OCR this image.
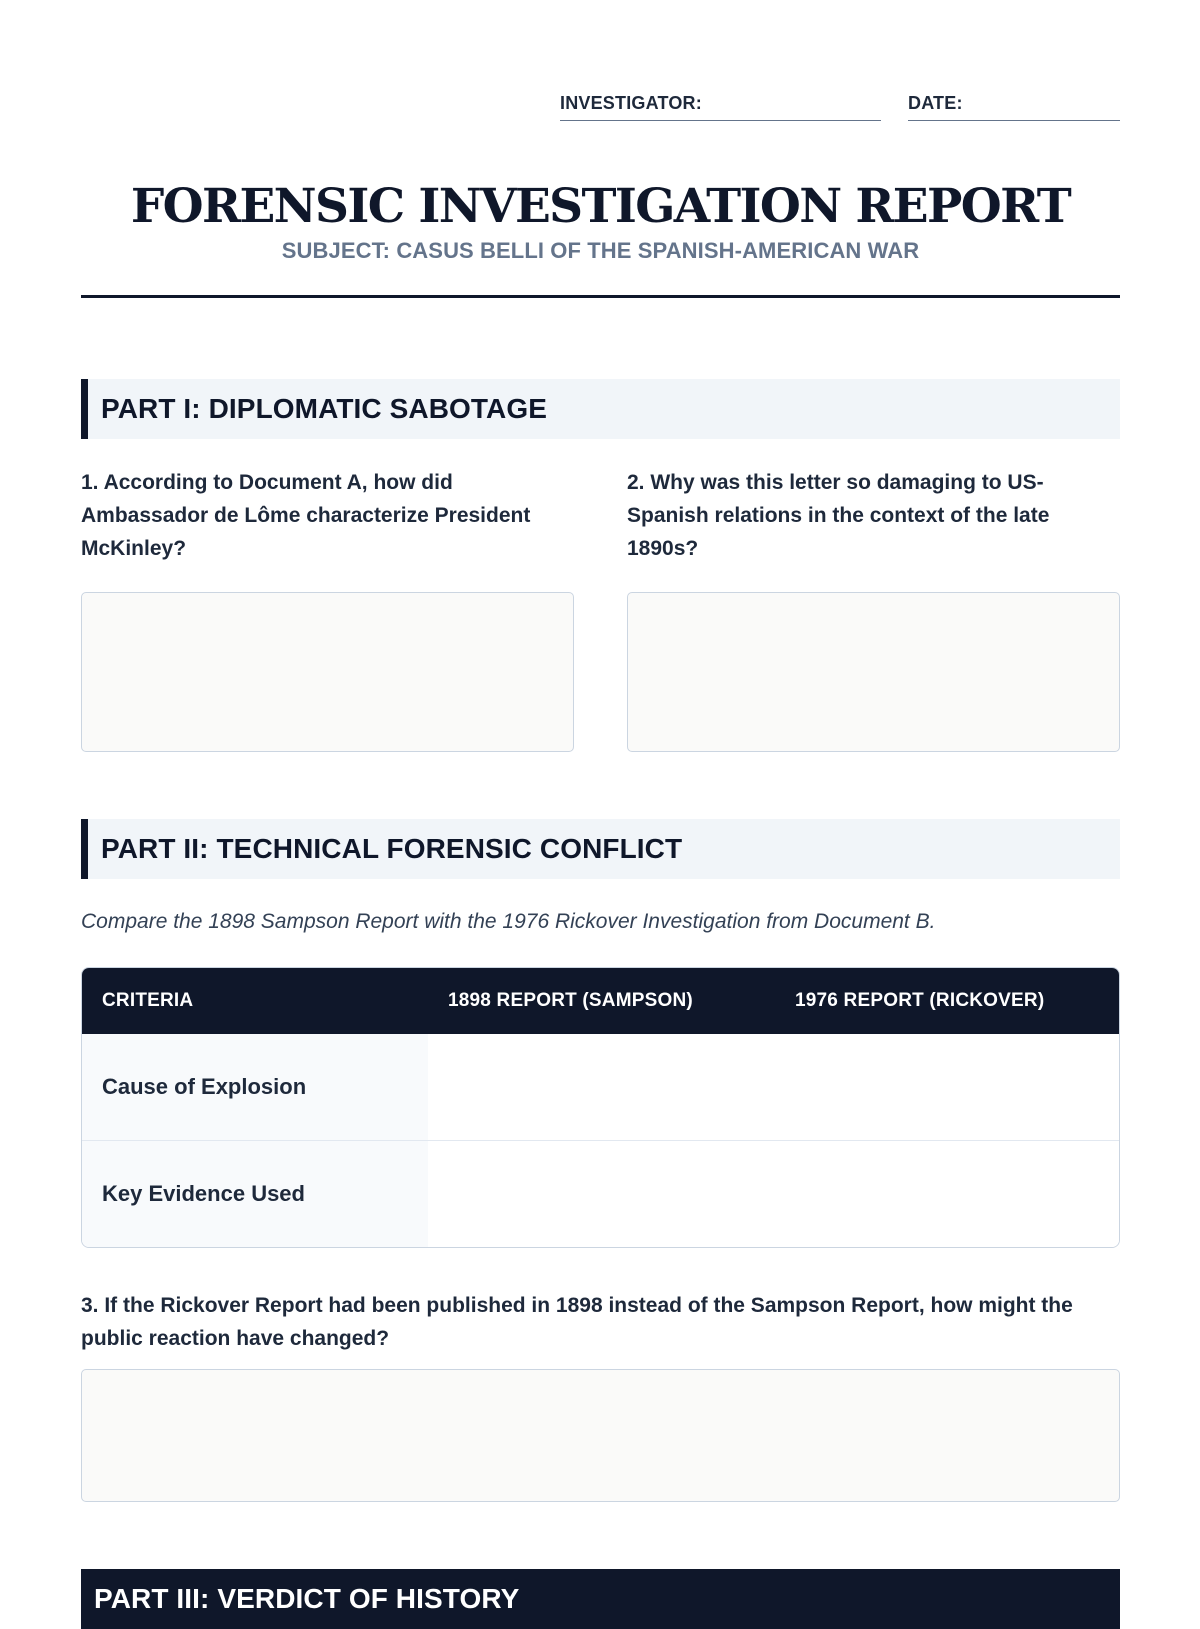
INVESTIGATOR:	DATE:
FORENSIC INVESTIGATION REPORT
SUBJECT: CASUS BELLI OF THE SPANISH-AMERICAN WAR
PART I: DIPLOMATIC SABOTAGE
1. According to Document A, how did Ambassador de Lôme characterize President McKinley?
2. Why was this letter so damaging to US-Spanish relations in the context of the late 1890s?
PART II: TECHNICAL FORENSIC CONFLICT
Compare the 1898 Sampson Report with the 1976 Rickover Investigation from Document B.
CRITERIA	1898 REPORT (SAMPSON)	1976 REPORT (RICKOVER)
Cause of Explosion
Key Evidence Used
3. If the Rickover Report had been published in 1898 instead of the Sampson Report, how might the public reaction have changed?
PART III: VERDICT OF HISTORY
